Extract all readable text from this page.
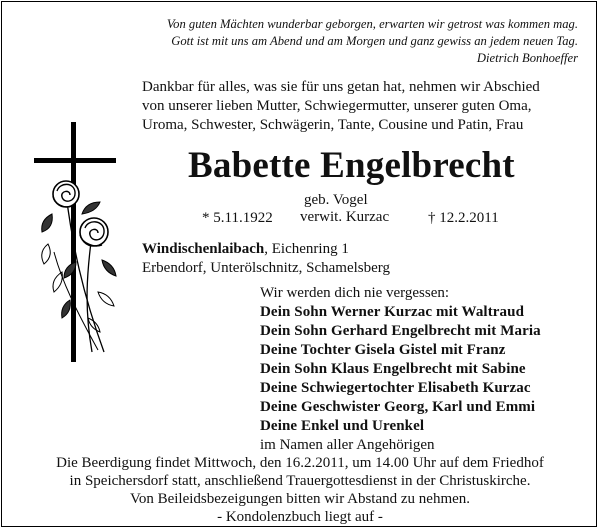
Von guten Mächten wunderbar geborgen, erwarten wir getrost was kommen mag.
Gott ist mit uns am Abend und am Morgen und ganz gewiss an jedem neuen Tag.
Dietrich Bonhoeffer
Dankbar für alles, was sie für uns getan hat, nehmen wir Abschied
von unserer lieben Mutter, Schwiegermutter, unserer guten Oma,
Uroma, Schwester, Schwägerin, Tante, Cousine und Patin, Frau
Babette Engelbrecht
geb. Vogel
* 5.11.1922 verwit. Kurzac	† 12.2.2011
Windischenlaibach, Eichenring 1
Erbendorf, Unterölschnitz, Schamelsberg
Wir werden dich nie vergessen:
Dein Sohn Werner Kurzac mit Waltraud
Dein Sohn Gerhard Engelbrecht mit Maria
Deine Tochter Gisela Gistel mit Franz
Dein Sohn Klaus Engelbrecht mit Sabine
Deine Schwiegertochter Elisabeth Kurzac
Deine Geschwister Georg, Karl und Emmi
Deine Enkel und Urenkel
im Namen aller Angehörigen
Die Beerdigung findet Mittwoch, den 16.2.2011, um 14.00 Uhr auf dem Friedhof
in Speichersdorf statt, anschließend Trauergottesdienst in der Christuskirche.
Von Beileidsbezeigungen bitten wir Abstand zu nehmen.
- Kondolenzbuch liegt auf -
